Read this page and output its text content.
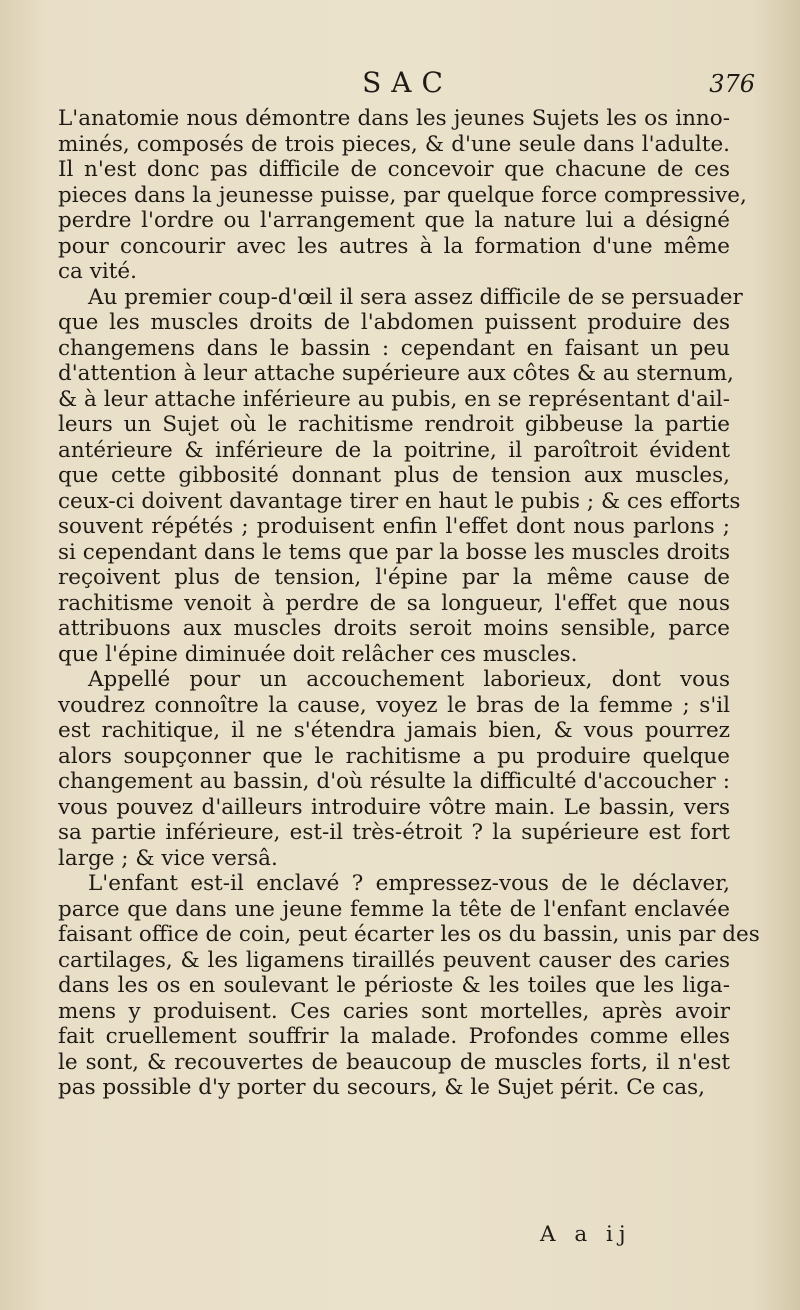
SAC	376
L'anatomie nous démontre dans les jeunes Sujets les os inno-
minés, composés de trois pieces, & d'une seule dans l'adulte.
Il n'est donc pas difficile de concevoir que chacune de ces
pieces dans la jeunesse puisse, par quelque force compressive,
perdre l'ordre ou l'arrangement que la nature lui a désigné
pour concourir avec les autres à la formation d'une même
ca vité.
Au premier coup-d'œil il sera assez difficile de se persuader
que les muscles droits de l'abdomen puissent produire des
changemens dans le bassin : cependant en faisant un peu
d'attention à leur attache supérieure aux côtes & au sternum,
& à leur attache inférieure au pubis, en se représentant d'ail-
leurs un Sujet où le rachitisme rendroit gibbeuse la partie
antérieure & inférieure de la poitrine, il paroîtroit évident
que cette gibbosité donnant plus de tension aux muscles,
ceux-ci doivent davantage tirer en haut le pubis ; & ces efforts
souvent répétés ; produisent enfin l'effet dont nous parlons ;
si cependant dans le tems que par la bosse les muscles droits
reçoivent plus de tension, l'épine par la même cause de
rachitisme venoit à perdre de sa longueur, l'effet que nous
attribuons aux muscles droits seroit moins sensible, parce
que l'épine diminuée doit relâcher ces muscles.
Appellé pour un accouchement laborieux, dont vous
voudrez connoître la cause, voyez le bras de la femme ; s'il
est rachitique, il ne s'étendra jamais bien, & vous pourrez
alors soupçonner que le rachitisme a pu produire quelque
changement au bassin, d'où résulte la difficulté d'accoucher :
vous pouvez d'ailleurs introduire vôtre main. Le bassin, vers
sa partie inférieure, est-il très-étroit ? la supérieure est fort
large ; & vice versâ.
L'enfant est-il enclavé ? empressez-vous de le déclaver,
parce que dans une jeune femme la tête de l'enfant enclavée
faisant office de coin, peut écarter les os du bassin, unis par des
cartilages, & les ligamens tiraillés peuvent causer des caries
dans les os en soulevant le périoste & les toiles que les liga-
mens y produisent. Ces caries sont mortelles, après avoir
fait cruellement souffrir la malade. Profondes comme elles
le sont, & recouvertes de beaucoup de muscles forts, il n'est
pas possible d'y porter du secours, & le Sujet périt. Ce cas,
A a ij
